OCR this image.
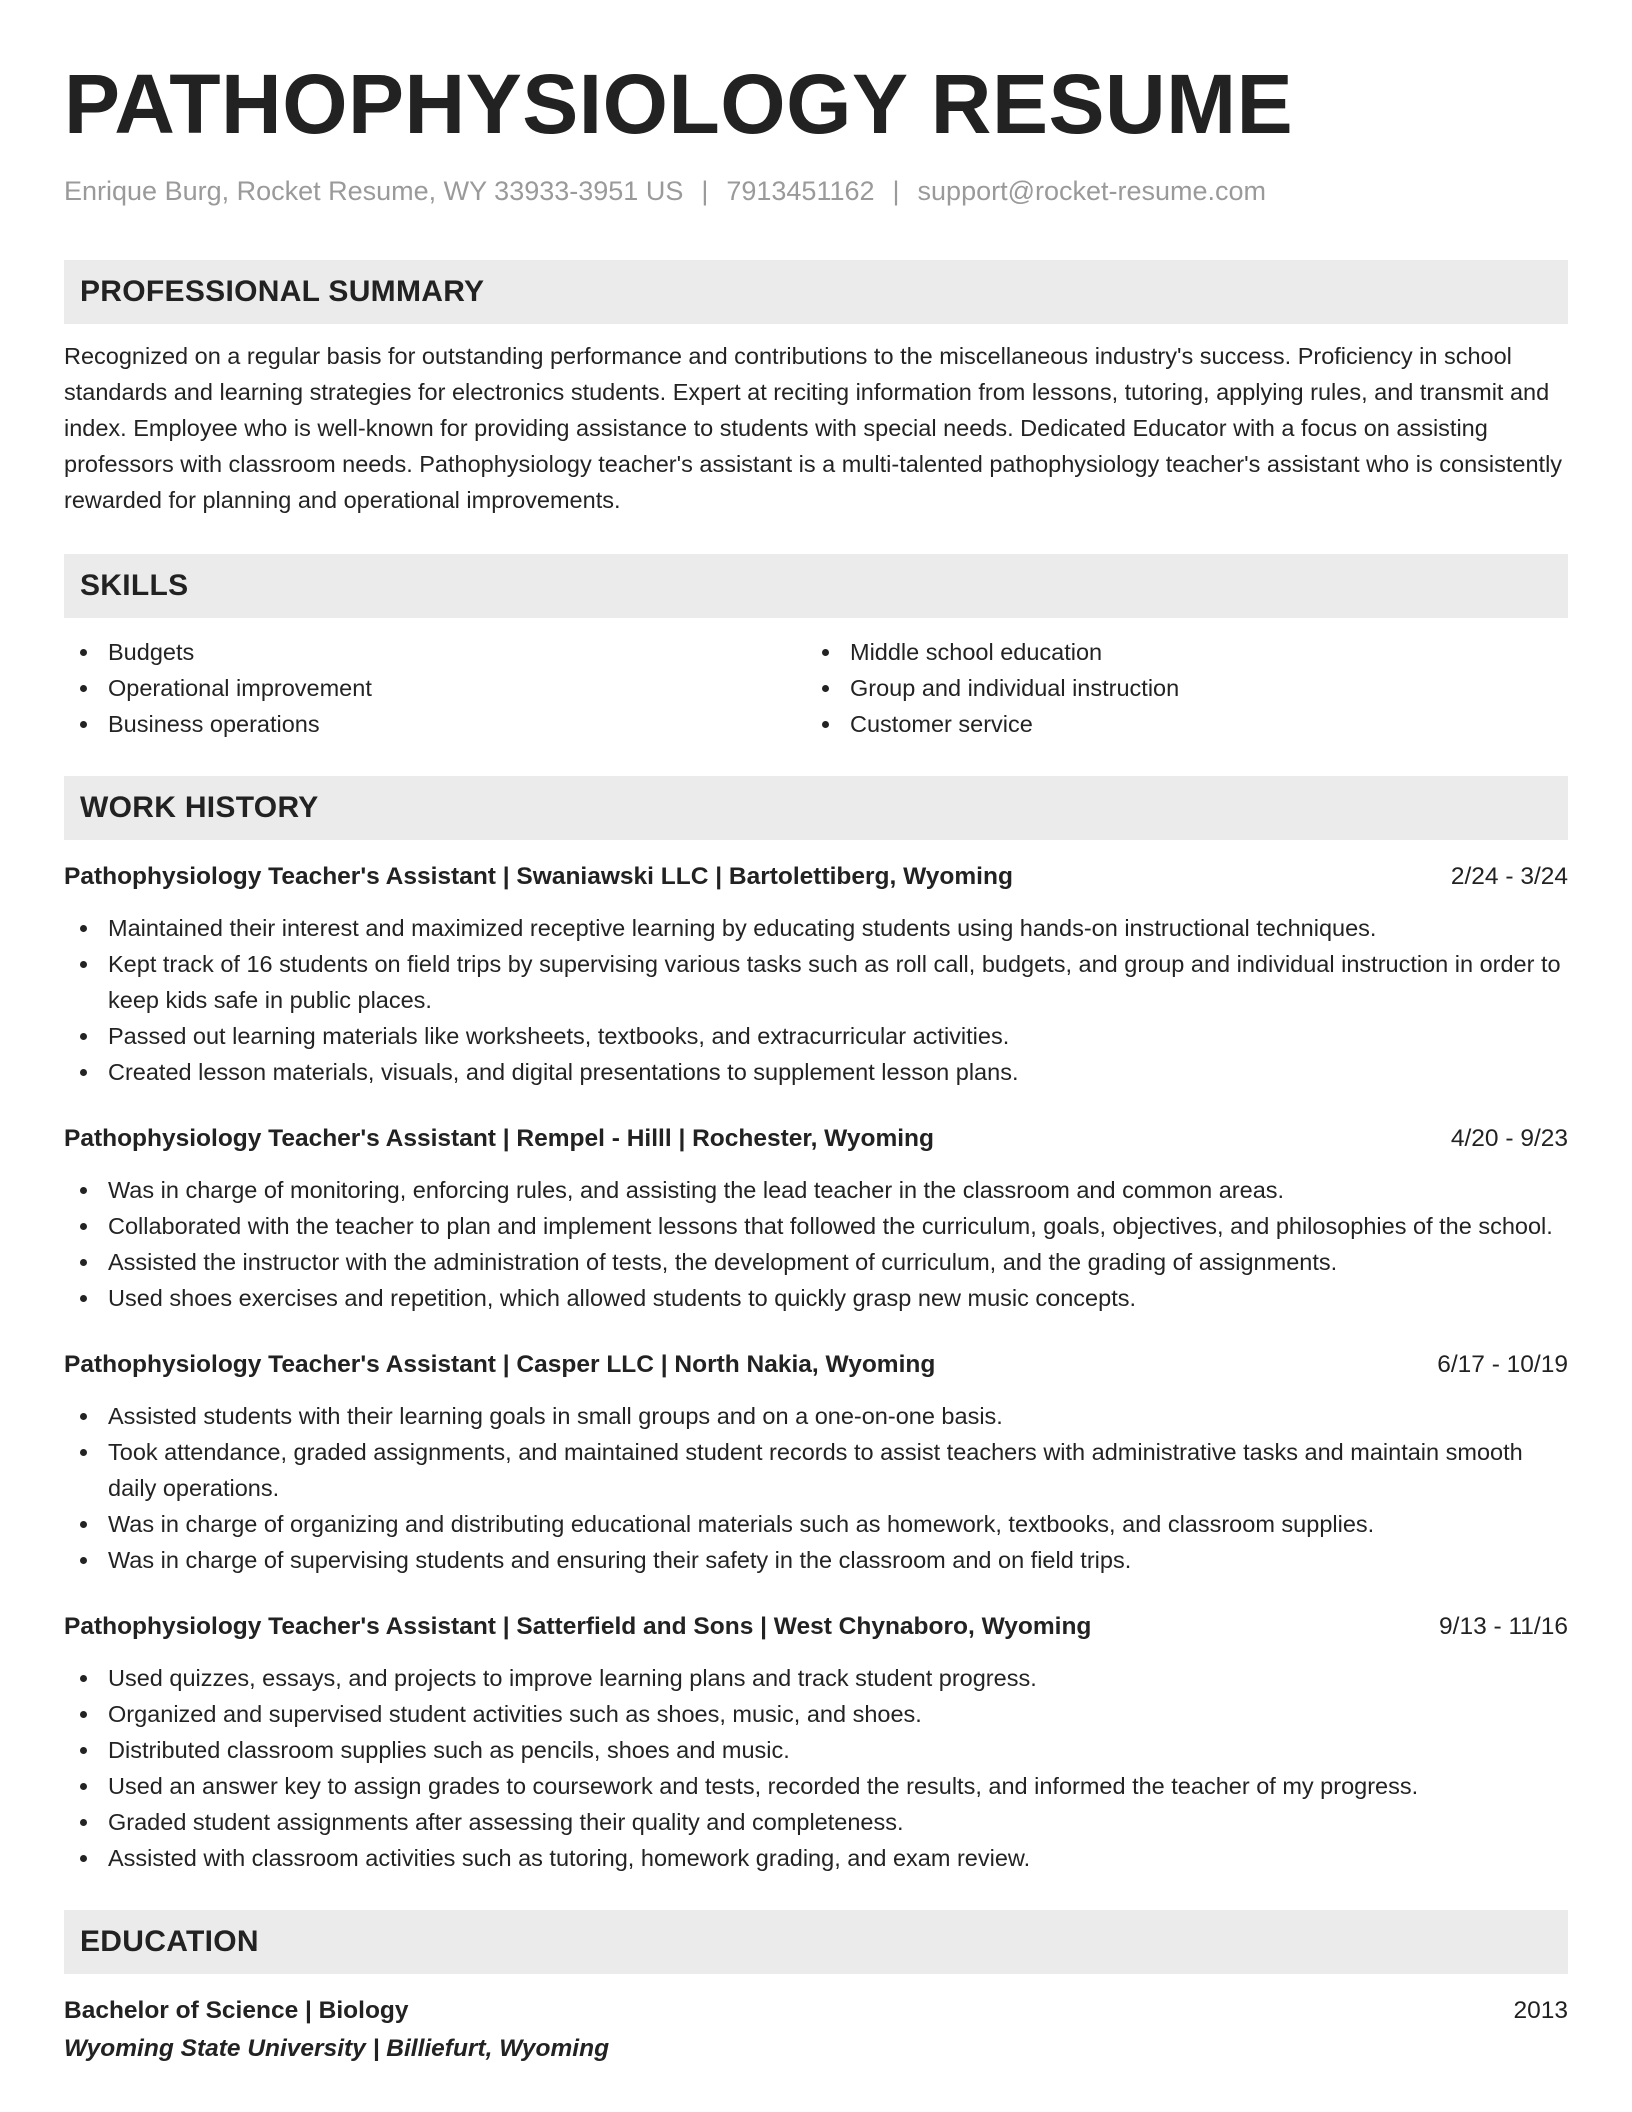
PATHOPHYSIOLOGY RESUME
Enrique Burg, Rocket Resume, WY 33933-3951 US | 7913451162 | support@rocket-resume.com
PROFESSIONAL SUMMARY
Recognized on a regular basis for outstanding performance and contributions to the miscellaneous industry's success. Proficiency in school standards and learning strategies for electronics students. Expert at reciting information from lessons, tutoring, applying rules, and transmit and index. Employee who is well-known for providing assistance to students with special needs. Dedicated Educator with a focus on assisting professors with classroom needs. Pathophysiology teacher's assistant is a multi-talented pathophysiology teacher's assistant who is consistently rewarded for planning and operational improvements.
SKILLS
Budgets
Operational improvement
Business operations
Middle school education
Group and individual instruction
Customer service
WORK HISTORY
Pathophysiology Teacher's Assistant | Swaniawski LLC | Bartolettiberg, Wyoming	2/24 - 3/24
Maintained their interest and maximized receptive learning by educating students using hands-on instructional techniques.
Kept track of 16 students on field trips by supervising various tasks such as roll call, budgets, and group and individual instruction in order to keep kids safe in public places.
Passed out learning materials like worksheets, textbooks, and extracurricular activities.
Created lesson materials, visuals, and digital presentations to supplement lesson plans.
Pathophysiology Teacher's Assistant | Rempel - Hilll | Rochester, Wyoming	4/20 - 9/23
Was in charge of monitoring, enforcing rules, and assisting the lead teacher in the classroom and common areas.
Collaborated with the teacher to plan and implement lessons that followed the curriculum, goals, objectives, and philosophies of the school.
Assisted the instructor with the administration of tests, the development of curriculum, and the grading of assignments.
Used shoes exercises and repetition, which allowed students to quickly grasp new music concepts.
Pathophysiology Teacher's Assistant | Casper LLC | North Nakia, Wyoming	6/17 - 10/19
Assisted students with their learning goals in small groups and on a one-on-one basis.
Took attendance, graded assignments, and maintained student records to assist teachers with administrative tasks and maintain smooth daily operations.
Was in charge of organizing and distributing educational materials such as homework, textbooks, and classroom supplies.
Was in charge of supervising students and ensuring their safety in the classroom and on field trips.
Pathophysiology Teacher's Assistant | Satterfield and Sons | West Chynaboro, Wyoming	9/13 - 11/16
Used quizzes, essays, and projects to improve learning plans and track student progress.
Organized and supervised student activities such as shoes, music, and shoes.
Distributed classroom supplies such as pencils, shoes and music.
Used an answer key to assign grades to coursework and tests, recorded the results, and informed the teacher of my progress.
Graded student assignments after assessing their quality and completeness.
Assisted with classroom activities such as tutoring, homework grading, and exam review.
EDUCATION
Bachelor of Science | Biology	2013
Wyoming State University | Billiefurt, Wyoming
